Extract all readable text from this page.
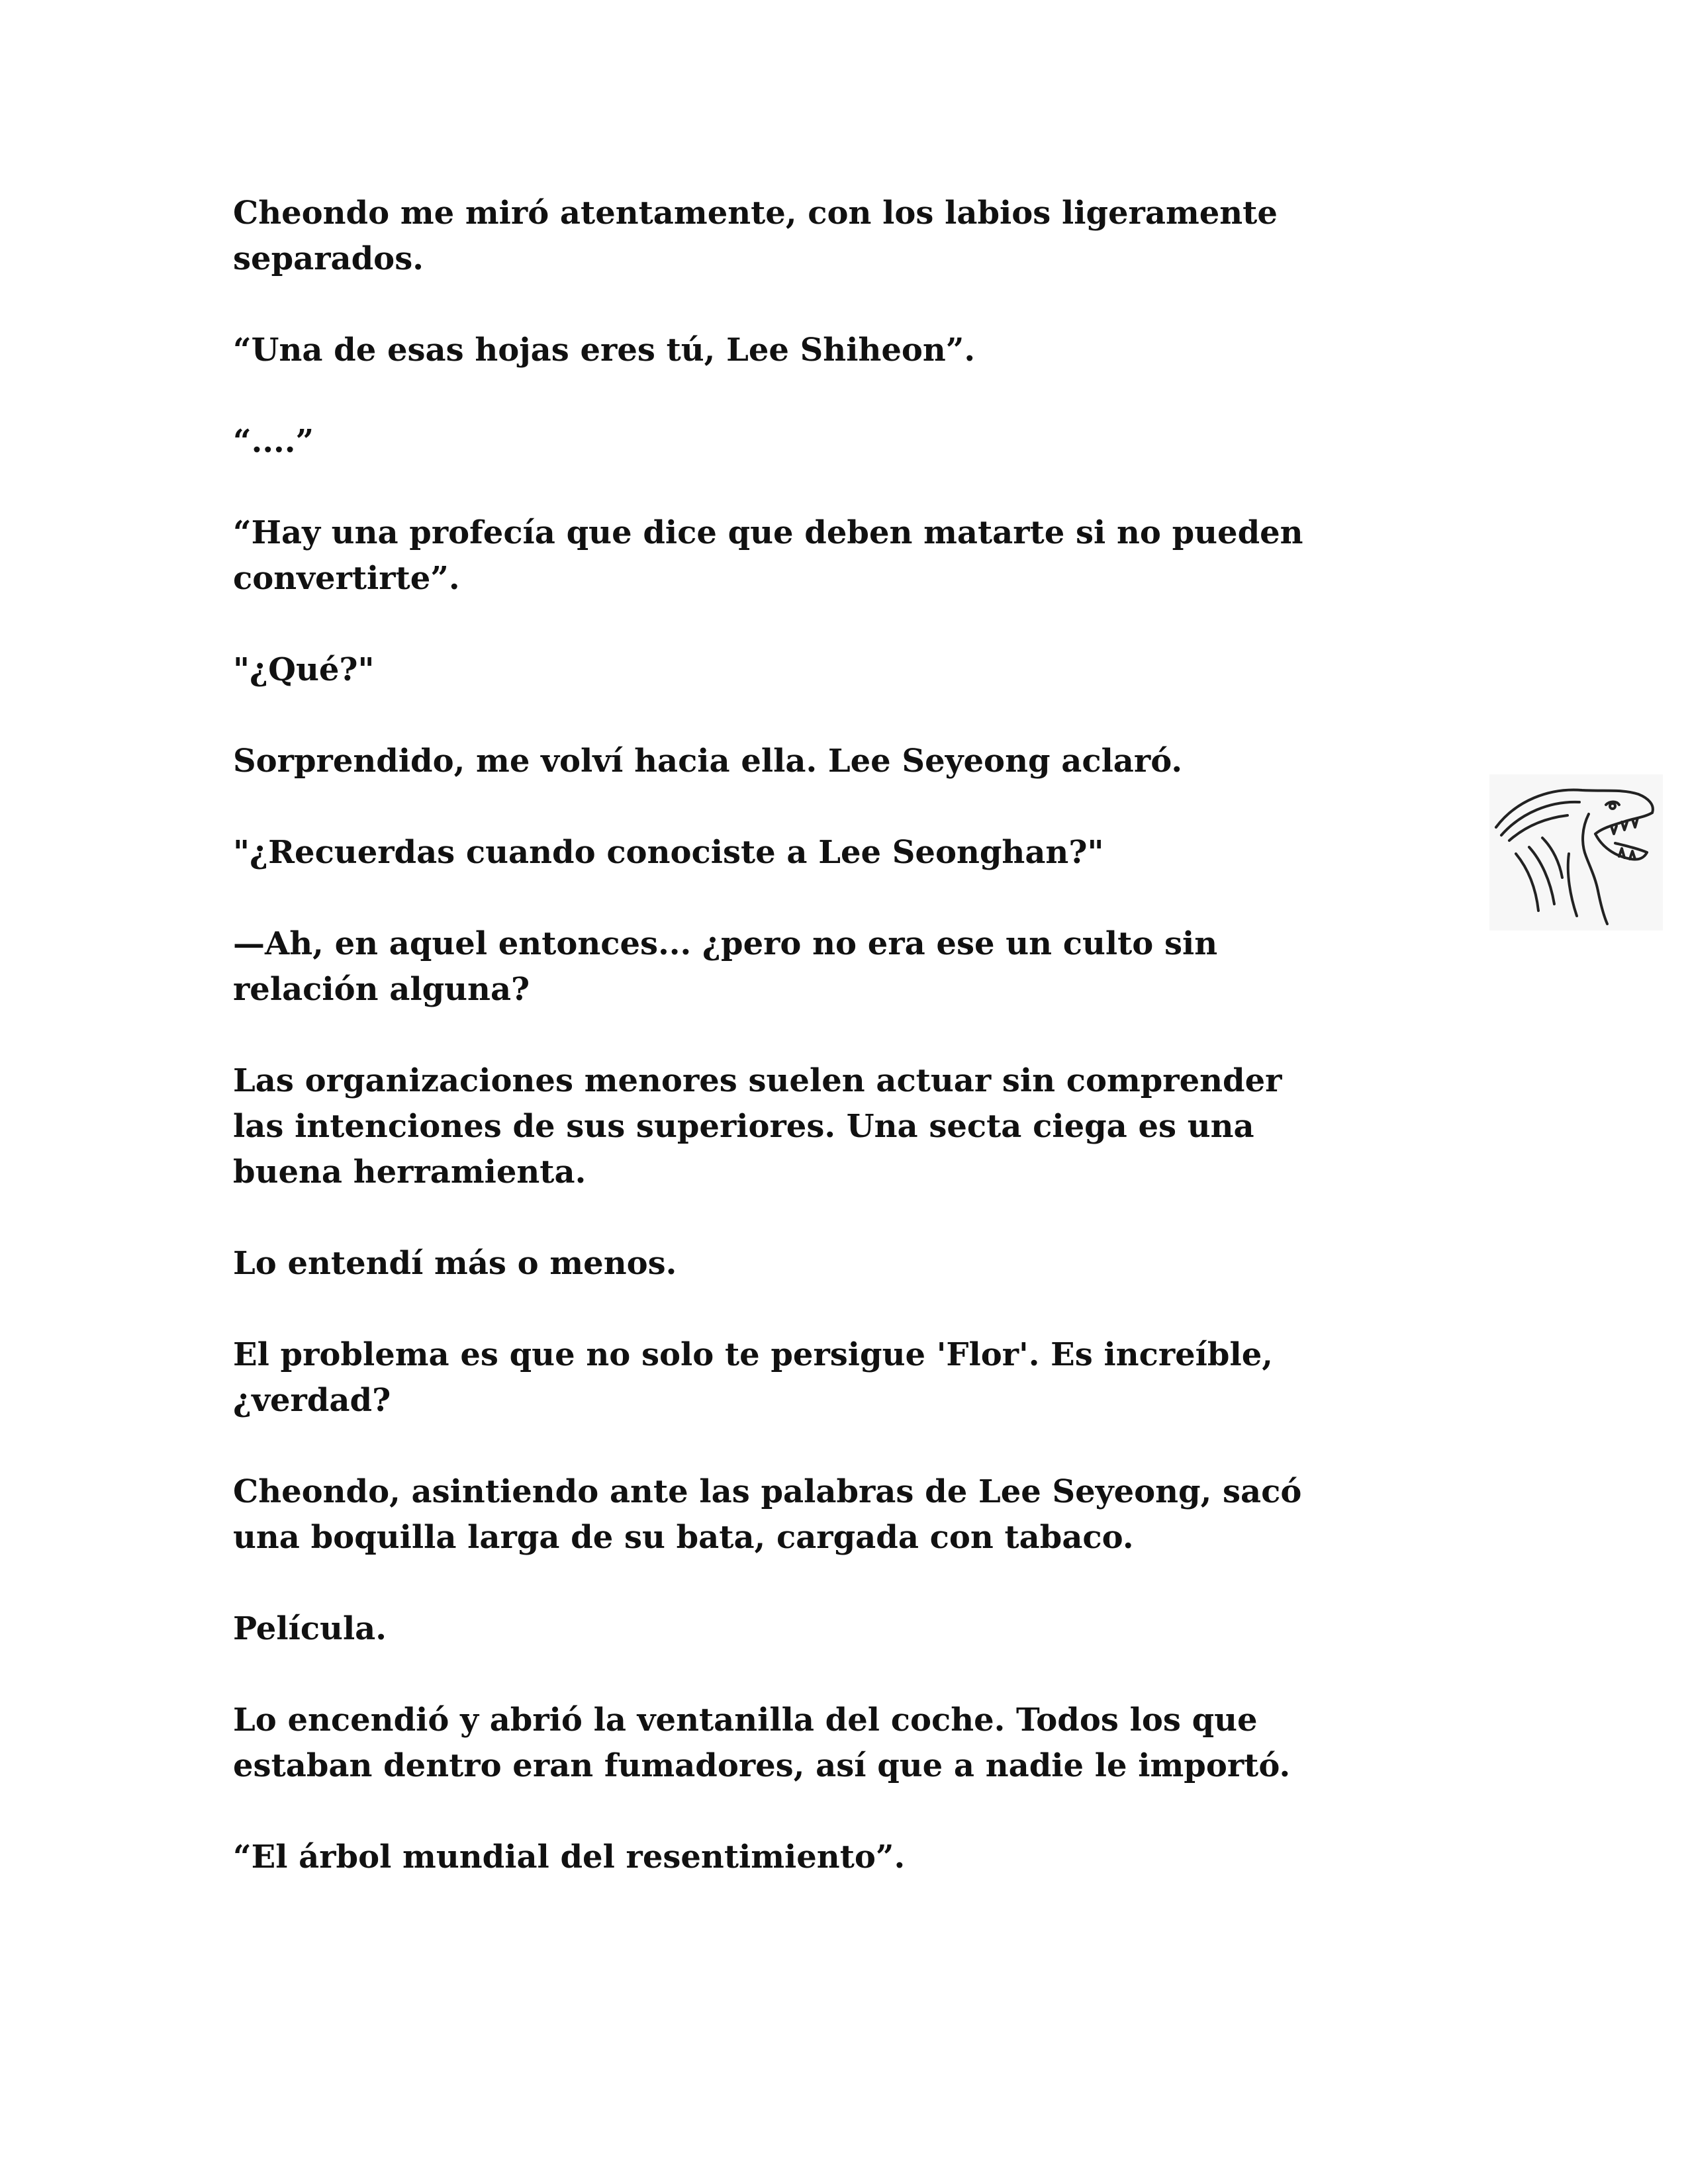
Cheondo me miró atentamente, con los labios ligeramente
separados.

“Una de esas hojas eres tú, Lee Shiheon”.

“....”

“Hay una profecía que dice que deben matarte si no pueden
convertirte”.

"¿Qué?"

Sorprendido, me volví hacia ella. Lee Seyeong aclaró.

"¿Recuerdas cuando conociste a Lee Seonghan?"

—Ah, en aquel entonces... ¿pero no era ese un culto sin
relación alguna?

Las organizaciones menores suelen actuar sin comprender
las intenciones de sus superiores. Una secta ciega es una
buena herramienta.

Lo entendí más o menos.

El problema es que no solo te persigue 'Flor'. Es increíble,
¿verdad?

Cheondo, asintiendo ante las palabras de Lee Seyeong, sacó
una boquilla larga de su bata, cargada con tabaco.

Película.

Lo encendió y abrió la ventanilla del coche. Todos los que
estaban dentro eran fumadores, así que a nadie le importó.

“El árbol mundial del resentimiento”.
